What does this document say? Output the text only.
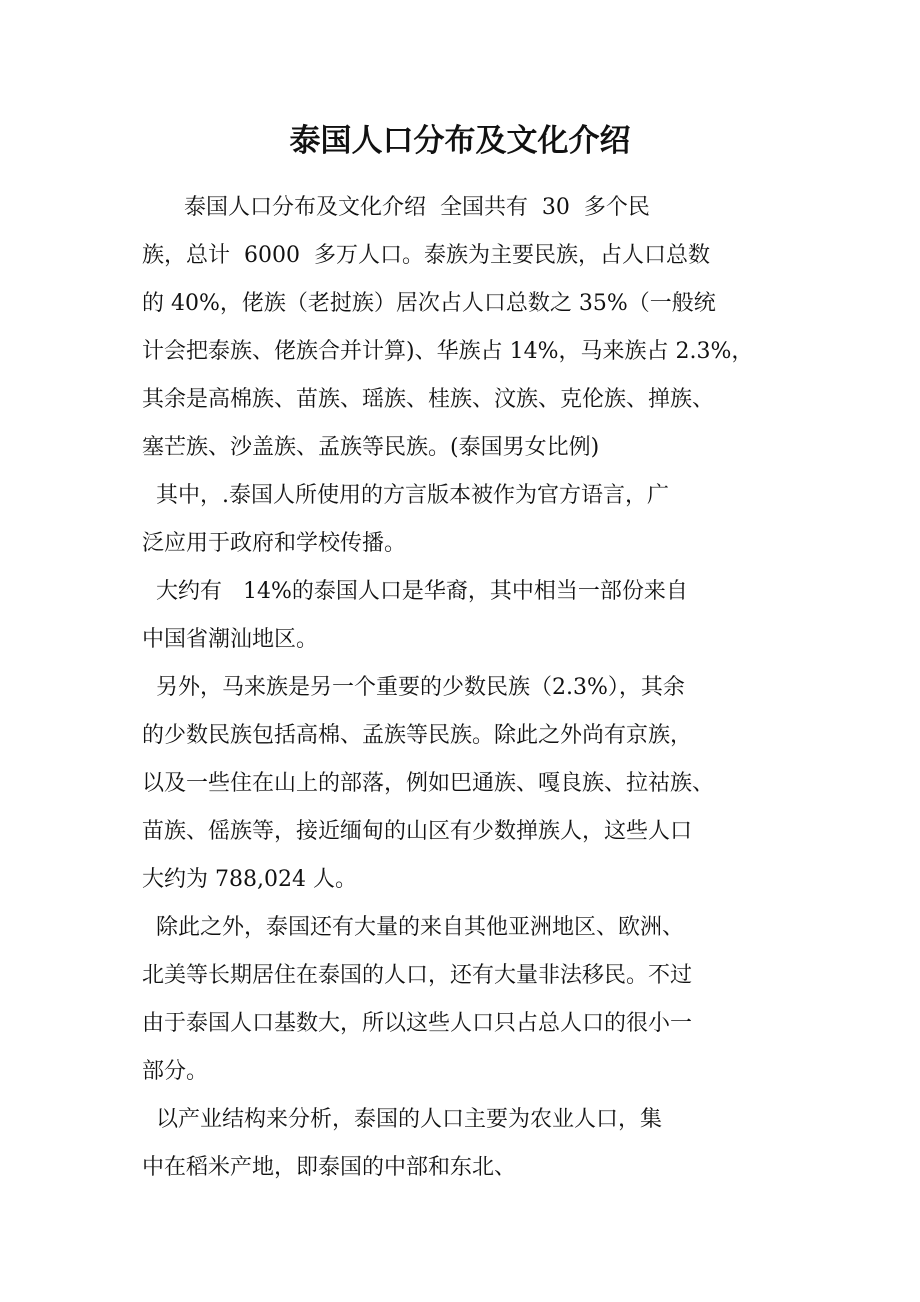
泰国人口分布及文化介绍

泰国人口分布及文化介绍  全国共有  30  多个民

族，总计  6000  多万人口。泰族为主要民族，占人口总数

的 40%，佬族（老挝族）居次占人口总数之 35%（一般统

计会把泰族、佬族合并计算)、华族占 14%，马来族占 2.3%，

其余是高棉族、苗族、瑶族、桂族、汶族、克伦族、掸族、

塞芒族、沙盖族、孟族等民族。(泰国男女比例)

其中，.泰国人所使用的方言版本被作为官方语言，广

泛应用于政府和学校传播。

大约有   14%的泰国人口是华裔，其中相当一部份来自

中国省潮汕地区。

另外，马来族是另一个重要的少数民族（2.3%），其余

的少数民族包括高棉、孟族等民族。除此之外尚有京族，

以及一些住在山上的部落，例如巴通族、嘎良族、拉祜族、

苗族、傜族等，接近缅甸的山区有少数掸族人，这些人口

大约为 788,024 人。

除此之外，泰国还有大量的来自其他亚洲地区、欧洲、

北美等长期居住在泰国的人口，还有大量非法移民。不过

由于泰国人口基数大，所以这些人口只占总人口的很小一

部分。

以产业结构来分析，泰国的人口主要为农业人口，集

中在稻米产地，即泰国的中部和东北、
